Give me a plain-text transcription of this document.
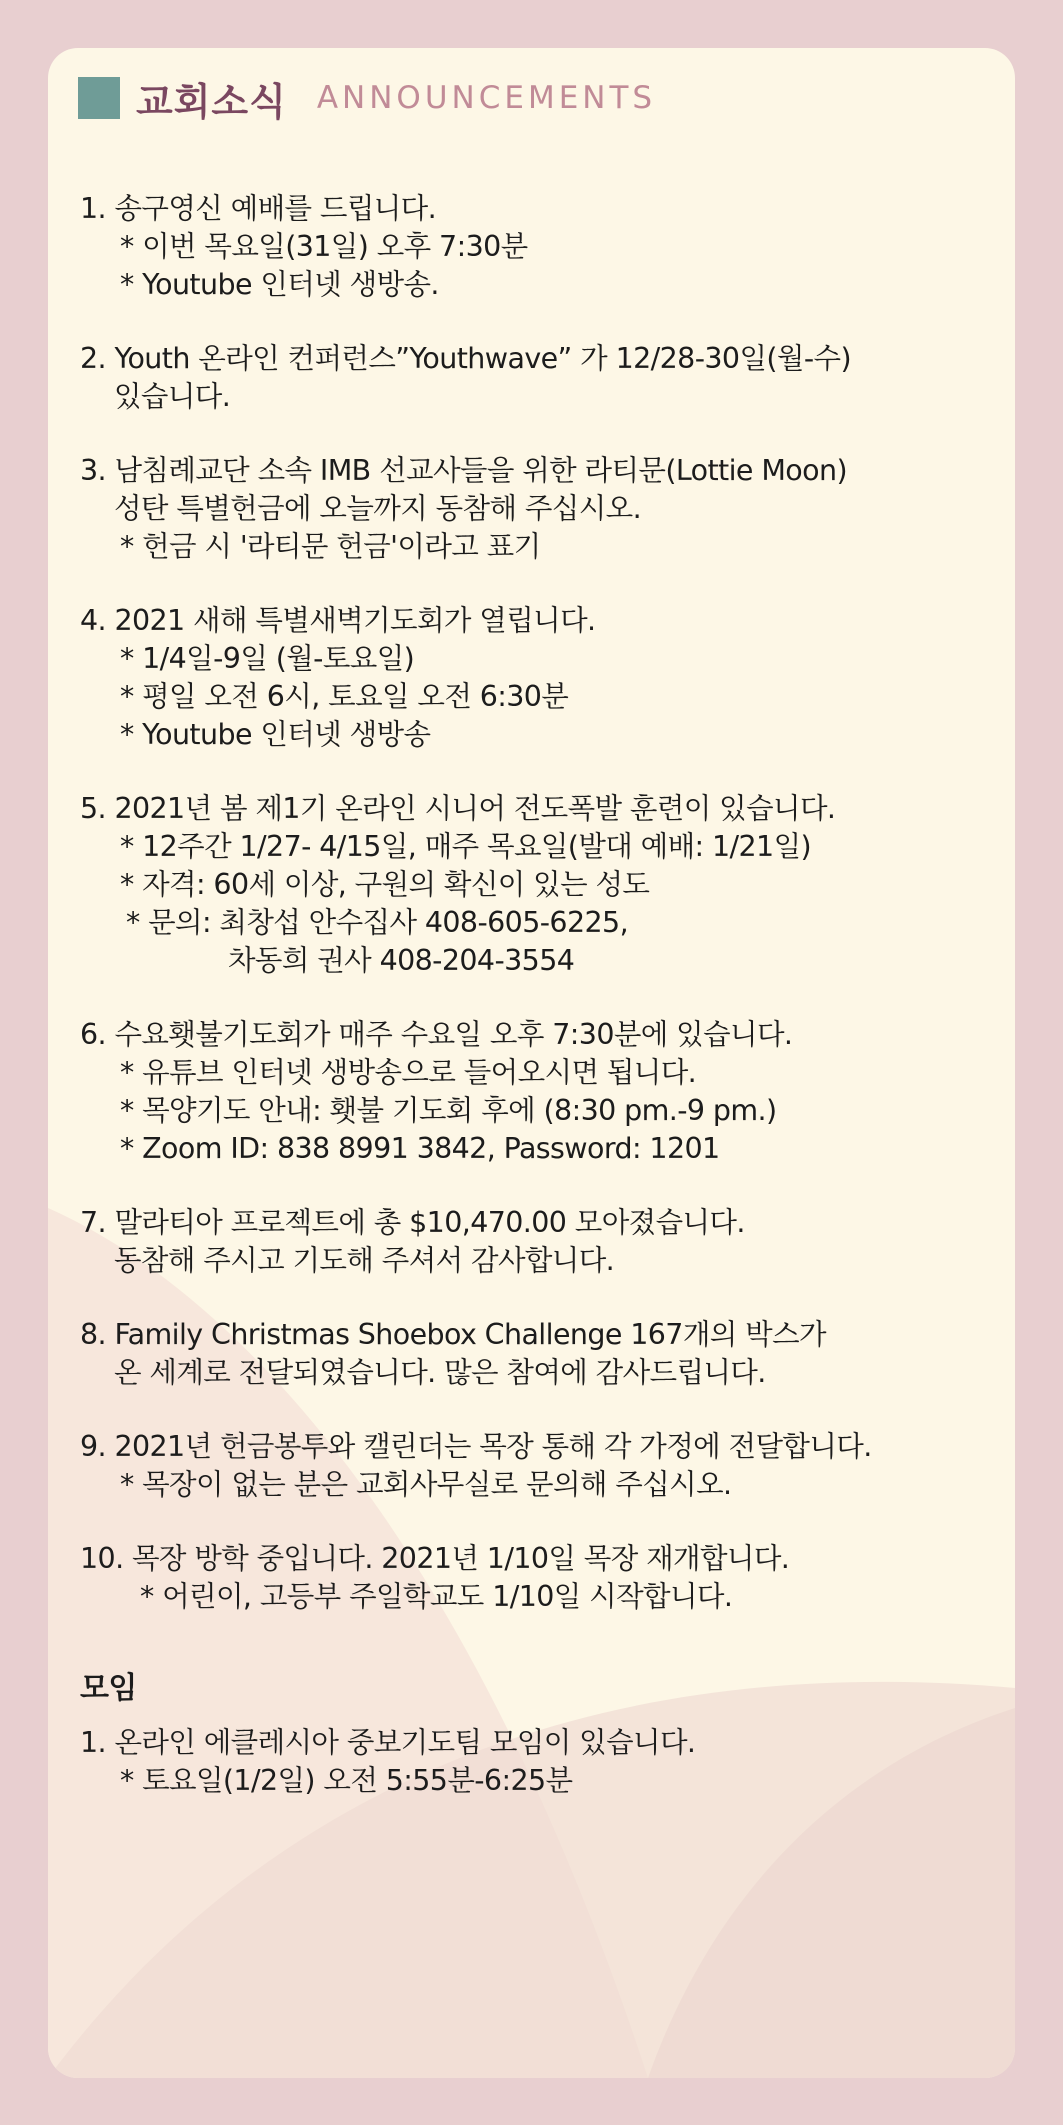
교회소식 ANNOUNCEMENTS
1. 송구영신 예배를 드립니다.
* 이번 목요일(31일) 오후 7:30분
* Youtube 인터넷 생방송.
2. Youth 온라인 컨퍼런스”Youthwave” 가 12/28-30일(월-수)
있습니다.
3. 남침례교단 소속 IMB 선교사들을 위한 라티문(Lottie Moon)
성탄 특별헌금에 오늘까지 동참해 주십시오.
* 헌금 시 '라티문 헌금'이라고 표기
4. 2021 새해 특별새벽기도회가 열립니다.
* 1/4일-9일 (월-토요일)
* 평일 오전 6시, 토요일 오전 6:30분
* Youtube 인터넷 생방송
5. 2021년 봄 제1기 온라인 시니어 전도폭발 훈련이 있습니다.
* 12주간 1/27- 4/15일, 매주 목요일(발대 예배: 1/21일)
* 자격: 60세 이상, 구원의 확신이 있는 성도
* 문의: 최창섭 안수집사 408-605-6225,
차동희 권사 408-204-3554
6. 수요횃불기도회가 매주 수요일 오후 7:30분에 있습니다.
* 유튜브 인터넷 생방송으로 들어오시면 됩니다.
* 목양기도 안내: 횃불 기도회 후에 (8:30 pm.-9 pm.)
* Zoom ID: 838 8991 3842, Password: 1201
7. 말라티아 프로젝트에 총 $10,470.00 모아졌습니다.
동참해 주시고 기도해 주셔서 감사합니다.
8. Family Christmas Shoebox Challenge 167개의 박스가
온 세계로 전달되였습니다. 많은 참여에 감사드립니다.
9. 2021년 헌금봉투와 캘린더는 목장 통해 각 가정에 전달합니다.
* 목장이 없는 분은 교회사무실로 문의해 주십시오.
10. 목장 방학 중입니다. 2021년 1/10일 목장 재개합니다.
* 어린이, 고등부 주일학교도 1/10일 시작합니다.
모임
1. 온라인 에클레시아 중보기도팀 모임이 있습니다.
* 토요일(1/2일) 오전 5:55분-6:25분
